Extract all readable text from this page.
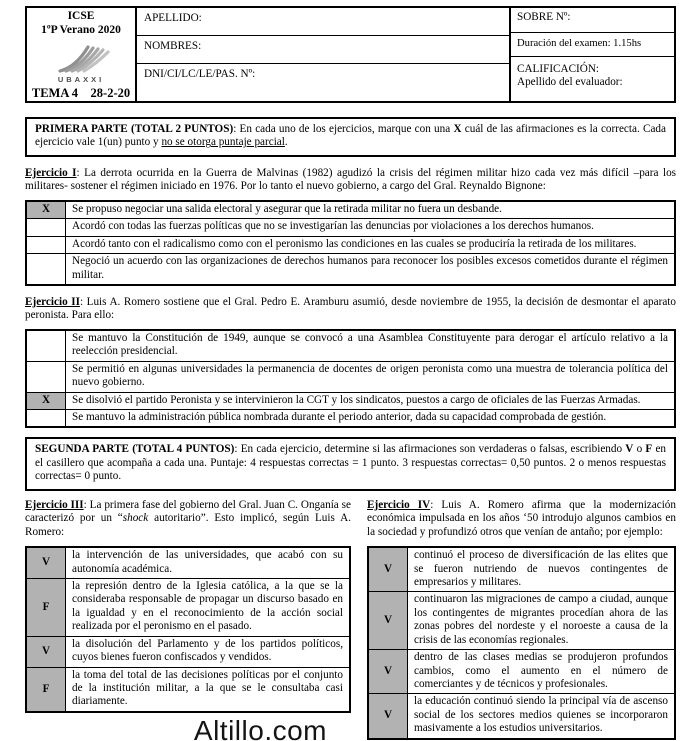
ICSE
1ºP Verano 2020
UBAXXI
TEMA 4    28-2-20
APELLIDO:
NOMBRES:
DNI/CI/LC/LE/PAS. Nº:
SOBRE Nº:
Duración del examen: 1.15hs
CALIFICACIÓN:
Apellido del evaluador:
PRIMERA PARTE (TOTAL 2 PUNTOS): En cada uno de los ejercicios, marque con una X cuál de las afirmaciones es la correcta. Cada ejercicio vale 1(un) punto y no se otorga puntaje parcial.

Ejercicio I: La derrota ocurrida en la Guerra de Malvinas (1982) agudizó la crisis del régimen militar hizo cada vez más difícil –para los militares- sostener el régimen iniciado en 1976. Por lo tanto el nuevo gobierno, a cargo del Gral. Reynaldo Bignone:

X	Se propuso negociar una salida electoral y asegurar que la retirada militar no fuera un desbande.
	Acordó con todas las fuerzas políticas que no se investigarían las denuncias por violaciones a los derechos humanos.
	Acordó tanto con el radicalismo como con el peronismo las condiciones en las cuales se produciría la retirada de los militares.
	Negoció un acuerdo con las organizaciones de derechos humanos para reconocer los posibles excesos cometidos durante el régimen militar.

Ejercicio II: Luis A. Romero sostiene que el Gral. Pedro E. Aramburu asumió, desde noviembre de 1955, la decisión de desmontar el aparato peronista. Para ello:

	Se mantuvo la Constitución de 1949, aunque se convocó a una Asamblea Constituyente para derogar el artículo relativo a la reelección presidencial.
	Se permitió en algunas universidades la permanencia de docentes de origen peronista como una muestra de tolerancia política del nuevo gobierno.
X	Se disolvió el partido Peronista y se intervinieron la CGT y los sindicatos, puestos a cargo de oficiales de las Fuerzas Armadas.
	Se mantuvo la administración pública nombrada durante el periodo anterior, dada su capacidad comprobada de gestión.
SEGUNDA PARTE (TOTAL 4 PUNTOS): En cada ejercicio, determine si las afirmaciones son verdaderas o falsas, escribiendo V o F en el casillero que acompaña a cada una. Puntaje: 4 respuestas correctas = 1 punto. 3 respuestas correctas= 0,50 puntos. 2 o menos respuestas correctas= 0 punto.

Ejercicio III: La primera fase del gobierno del Gral. Juan C. Onganía se caracterizó por un “shock autoritario”. Esto implicó, según Luis A. Romero:

V	la intervención de las universidades, que acabó con su autonomía académica.
F	la represión dentro de la Iglesia católica, a la que se la consideraba responsable de propagar un discurso basado en la igualdad y en el reconocimiento de la acción social realizada por el peronismo en el pasado.
V	la disolución del Parlamento y de los partidos políticos, cuyos bienes fueron confiscados y vendidos.
F	la toma del total de las decisiones políticas por el conjunto de la institución militar, a la que se le consultaba casi diariamente.
Altillo.com

Ejercicio IV: Luis A. Romero afirma que la modernización económica impulsada en los años ‘50 introdujo algunos cambios en la sociedad y profundizó otros que venían de antaño; por ejemplo:

V	continuó el proceso de diversificación de las elites que se fueron nutriendo de nuevos contingentes de empresarios y militares.
V	continuaron las migraciones de campo a ciudad, aunque los contingentes de migrantes procedían ahora de las zonas pobres del nordeste y el noroeste a causa de la crisis de las economías regionales.
V	dentro de las clases medias se produjeron profundos cambios, como el aumento en el número de comerciantes y de técnicos y profesionales.
V	la educación continuó siendo la principal vía de ascenso social de los sectores medios quienes se incorporaron masivamente a los estudios universitarios.
